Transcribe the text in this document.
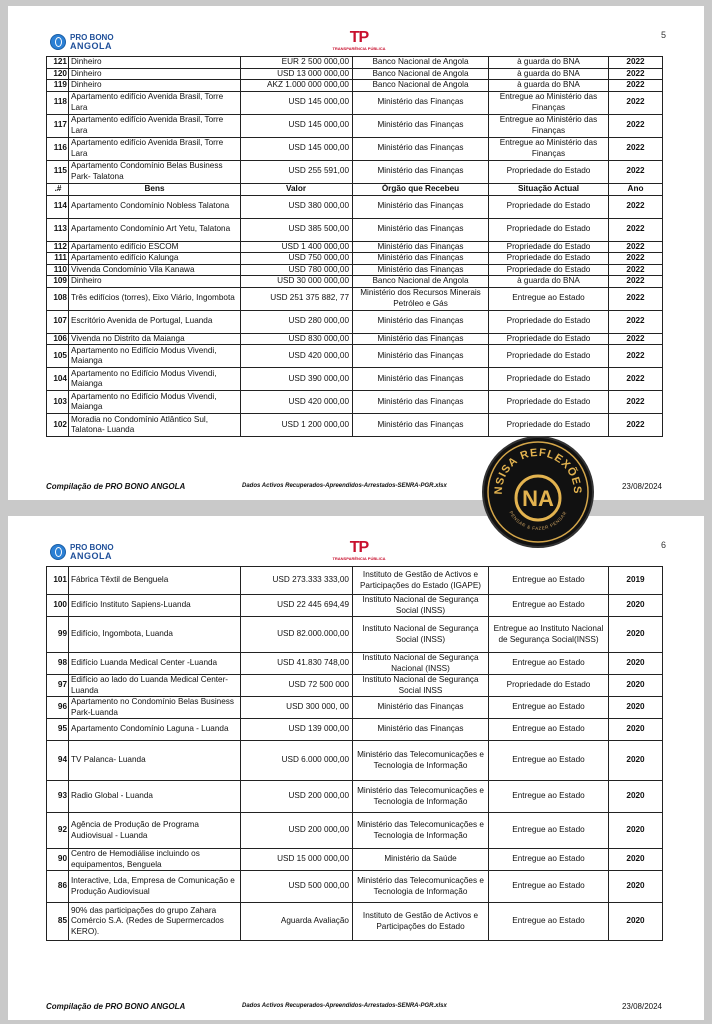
PRO BONO
ANGOLA	TP
TRANSPARÊNCIA PÚBLICA
5
121	Dinheiro	EUR 2 500 000,00	Banco Nacional de Angola	à guarda do BNA	2022
120	Dinheiro	USD 13 000 000,00	Banco Nacional de Angola	à guarda do BNA	2022
119	Dinheiro	AKZ 1.000 000 000,00	Banco Nacional de Angola	à guarda do BNA	2022
118	Apartamento edifício Avenida Brasil, Torre Lara	USD 145 000,00	Ministério das Finanças	Entregue ao Ministério das Finanças	2022
117	Apartamento edifício Avenida Brasil, Torre Lara	USD 145 000,00	Ministério das Finanças	Entregue ao Ministério das Finanças	2022
116	Apartamento edifício Avenida Brasil, Torre Lara	USD 145 000,00	Ministério das Finanças	Entregue ao Ministério das Finanças	2022
115	Apartamento Condomínio Belas Business Park- Talatona	USD 255 591,00	Ministério das Finanças	Propriedade do Estado	2022
.#	Bens	Valor	Órgão que Recebeu	Situação Actual	Ano
114	Apartamento Condomínio Nobless Talatona	USD 380 000,00	Ministério das Finanças	Propriedade do Estado	2022
113	Apartamento Condomínio Art Yetu, Talatona	USD 385 500,00	Ministério das Finanças	Propriedade do Estado	2022
112	Apartamento edifício ESCOM	USD 1 400 000,00	Ministério das Finanças	Propriedade do Estado	2022
111	Apartamento edifício Kalunga	USD 750 000,00	Ministério das Finanças	Propriedade do Estado	2022
110	Vivenda Condomínio Vila Kanawa	USD 780 000,00	Ministério das Finanças	Propriedade do Estado	2022
109	Dinheiro	USD 30 000 000,00	Banco Nacional de Angola	à guarda do BNA	2022
108	Três edifícios (torres), Eixo Viário, Ingombota	USD 251 375 882, 77	Ministério dos Recursos Minerais Petróleo e Gás	Entregue ao Estado	2022
107	Escritório Avenida de Portugal, Luanda	USD 280 000,00	Ministério das Finanças	Propriedade do Estado	2022
106	Vivenda no Distrito da Maianga	USD 830 000,00	Ministério das Finanças	Propriedade do Estado	2022
105	Apartamento no Edifício Modus Vivendi, Maianga	USD 420 000,00	Ministério das Finanças	Propriedade do Estado	2022
104	Apartamento no Edifício Modus Vivendi, Maianga	USD 390 000,00	Ministério das Finanças	Propriedade do Estado	2022
103	Apartamento no Edifício Modus Vivendi, Maianga	USD 420 000,00	Ministério das Finanças	Propriedade do Estado	2022
102	Moradia no Condomínio Atlântico Sul, Talatona- Luanda	USD 1 200 000,00	Ministério das Finanças	Propriedade do Estado	2022
Compilação de PRO BONO ANGOLA	Dados Activos Recuperados-Apreendidos-Arrestados-SENRA-PGR.xlsx	23/08/2024
PRO BONO
ANGOLA	TP
TRANSPARÊNCIA PÚBLICA
6
101	Fábrica Têxtil de Benguela	USD 273.333 333,00	Instituto de Gestão de Activos e Participações do Estado (IGAPE)	Entregue ao Estado	2019
100	Edifício Instituto Sapiens-Luanda	USD 22 445 694,49	Instituto Nacional de Segurança Social (INSS)	Entregue ao Estado	2020
99	Edifício, Ingombota, Luanda	USD 82.000.000,00	Instituto Nacional de Segurança Social (INSS)	Entregue ao Instituto Nacional de Segurança Social(INSS)	2020
98	Edifício Luanda Medical Center -Luanda	USD 41.830 748,00	Instituto Nacional de Segurança Nacional (INSS)	Entregue ao Estado	2020
97	Edifício ao lado do Luanda Medical Center-Luanda	USD 72 500 000	Instituto Nacional de Segurança Social INSS	Propriedade do Estado	2020
96	Apartamento no Condomínio Belas Business Park-Luanda	USD 300 000, 00	Ministério das Finanças	Entregue ao Estado	2020
95	Apartamento Condomínio Laguna - Luanda	USD 139 000,00	Ministério das Finanças	Entregue ao Estado	2020
94	TV Palanca- Luanda	USD 6.000 000,00	Ministério das Telecomunicações e Tecnologia de Informação	Entregue ao Estado	2020
93	Radio Global - Luanda	USD 200 000,00	Ministério das Telecomunicações e Tecnologia de Informação	Entregue ao Estado	2020
92	Agência de Produção de Programa Audiovisual - Luanda	USD 200 000,00	Ministério das Telecomunicações e Tecnologia de Informação	Entregue ao Estado	2020
90	Centro de Hemodiálise incluindo os equipamentos, Benguela	USD 15 000 000,00	Ministério da Saúde	Entregue ao Estado	2020
86	Interactive, Lda, Empresa de Comunicação e Produção Audiovisual	USD 500 000,00	Ministério das Telecomunicações e Tecnologia de Informação	Entregue ao Estado	2020
85	90% das participações do grupo Zahara Comércio S.A. (Redes de Supermercados KERO).	Aguarda Avaliação	Instituto de Gestão de Activos e Participações do Estado	Entregue ao Estado	2020
Compilação de PRO BONO ANGOLA	Dados Activos Recuperados-Apreendidos-Arrestados-SENRA-PGR.xlsx	23/08/2024
NSISA REFLEXÕES
NA
PENSAR & FAZER PENSAR
